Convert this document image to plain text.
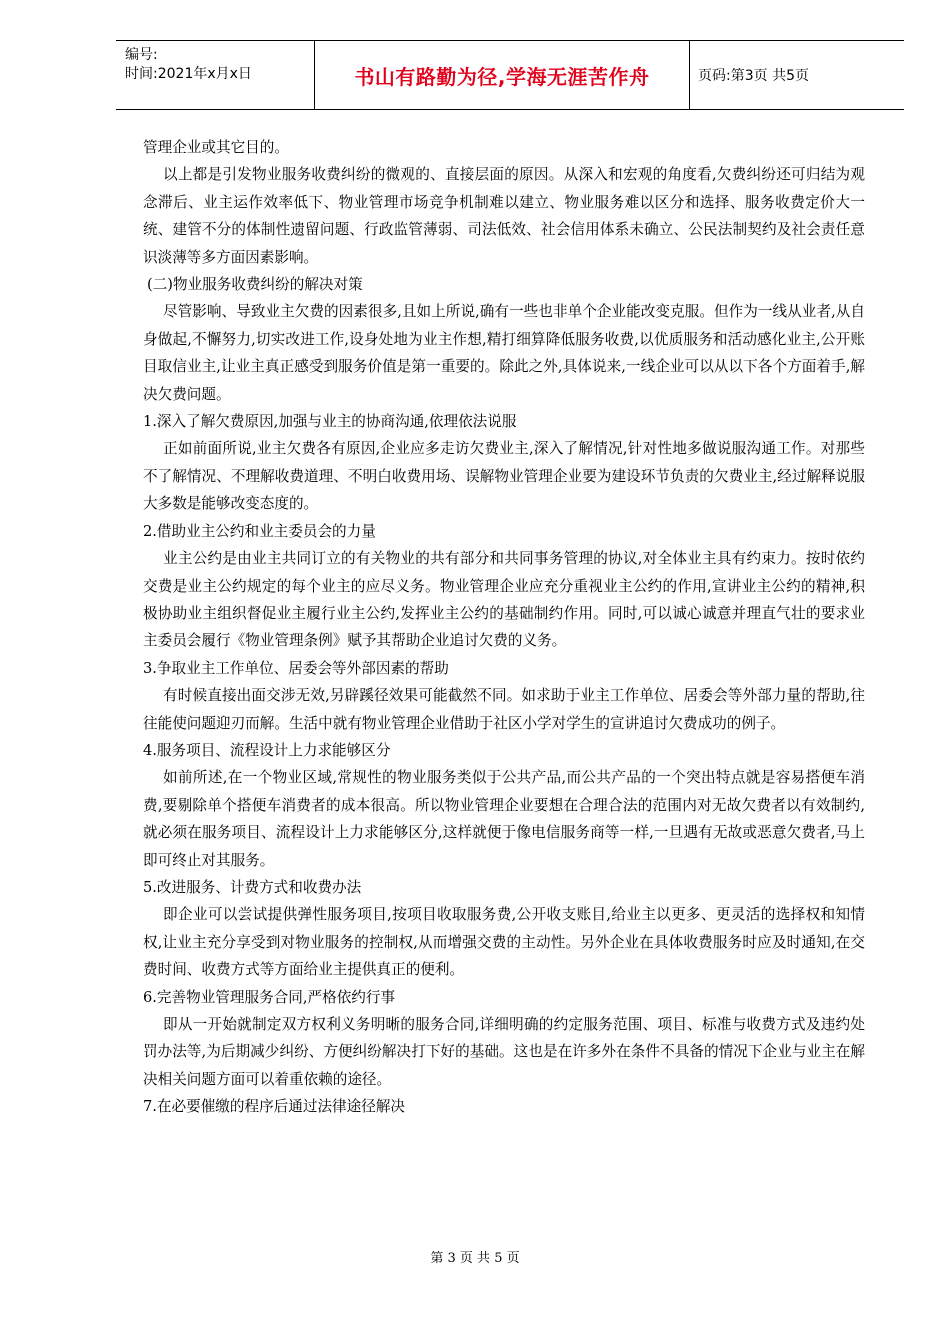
编号:
时间:2021年x月x日	书山有路勤为径,学海无涯苦作舟	页码:第3页 共5页

管理企业或其它目的。

以上都是引发物业服务收费纠纷的微观的、直接层面的原因。从深入和宏观的角度看,欠费纠纷还可归结为观念滞后、业主运作效率低下、物业管理市场竞争机制难以建立、物业服务难以区分和选择、服务收费定价大一统、建管不分的体制性遗留问题、行政监管薄弱、司法低效、社会信用体系未确立、公民法制契约及社会责任意识淡薄等多方面因素影响。

(二)物业服务收费纠纷的解决对策

尽管影响、导致业主欠费的因素很多,且如上所说,确有一些也非单个企业能改变克服。但作为一线从业者,从自身做起,不懈努力,切实改进工作,设身处地为业主作想,精打细算降低服务收费,以优质服务和活动感化业主,公开账目取信业主,让业主真正感受到服务价值是第一重要的。除此之外,具体说来,一线企业可以从以下各个方面着手,解决欠费问题。

1.深入了解欠费原因,加强与业主的协商沟通,依理依法说服

正如前面所说,业主欠费各有原因,企业应多走访欠费业主,深入了解情况,针对性地多做说服沟通工作。对那些不了解情况、不理解收费道理、不明白收费用场、误解物业管理企业要为建设环节负责的欠费业主,经过解释说服大多数是能够改变态度的。

2.借助业主公约和业主委员会的力量

业主公约是由业主共同订立的有关物业的共有部分和共同事务管理的协议,对全体业主具有约束力。按时依约交费是业主公约规定的每个业主的应尽义务。物业管理企业应充分重视业主公约的作用,宣讲业主公约的精神,积极协助业主组织督促业主履行业主公约,发挥业主公约的基础制约作用。同时,可以诚心诚意并理直气壮的要求业主委员会履行《物业管理条例》赋予其帮助企业追讨欠费的义务。

3.争取业主工作单位、居委会等外部因素的帮助

有时候直接出面交涉无效,另辟蹊径效果可能截然不同。如求助于业主工作单位、居委会等外部力量的帮助,往往能使问题迎刃而解。生活中就有物业管理企业借助于社区小学对学生的宣讲追讨欠费成功的例子。

4.服务项目、流程设计上力求能够区分

如前所述,在一个物业区域,常规性的物业服务类似于公共产品,而公共产品的一个突出特点就是容易搭便车消费,要剔除单个搭便车消费者的成本很高。所以物业管理企业要想在合理合法的范围内对无故欠费者以有效制约,就必须在服务项目、流程设计上力求能够区分,这样就便于像电信服务商等一样,一旦遇有无故或恶意欠费者,马上即可终止对其服务。

5.改进服务、计费方式和收费办法

即企业可以尝试提供弹性服务项目,按项目收取服务费,公开收支账目,给业主以更多、更灵活的选择权和知情权,让业主充分享受到对物业服务的控制权,从而增强交费的主动性。另外企业在具体收费服务时应及时通知,在交费时间、收费方式等方面给业主提供真正的便利。

6.完善物业管理服务合同,严格依约行事

即从一开始就制定双方权利义务明晰的服务合同,详细明确的约定服务范围、项目、标准与收费方式及违约处罚办法等,为后期减少纠纷、方便纠纷解决打下好的基础。这也是在许多外在条件不具备的情况下企业与业主在解决相关问题方面可以着重依赖的途径。

7.在必要催缴的程序后通过法律途径解决

第 3 页 共 5 页
